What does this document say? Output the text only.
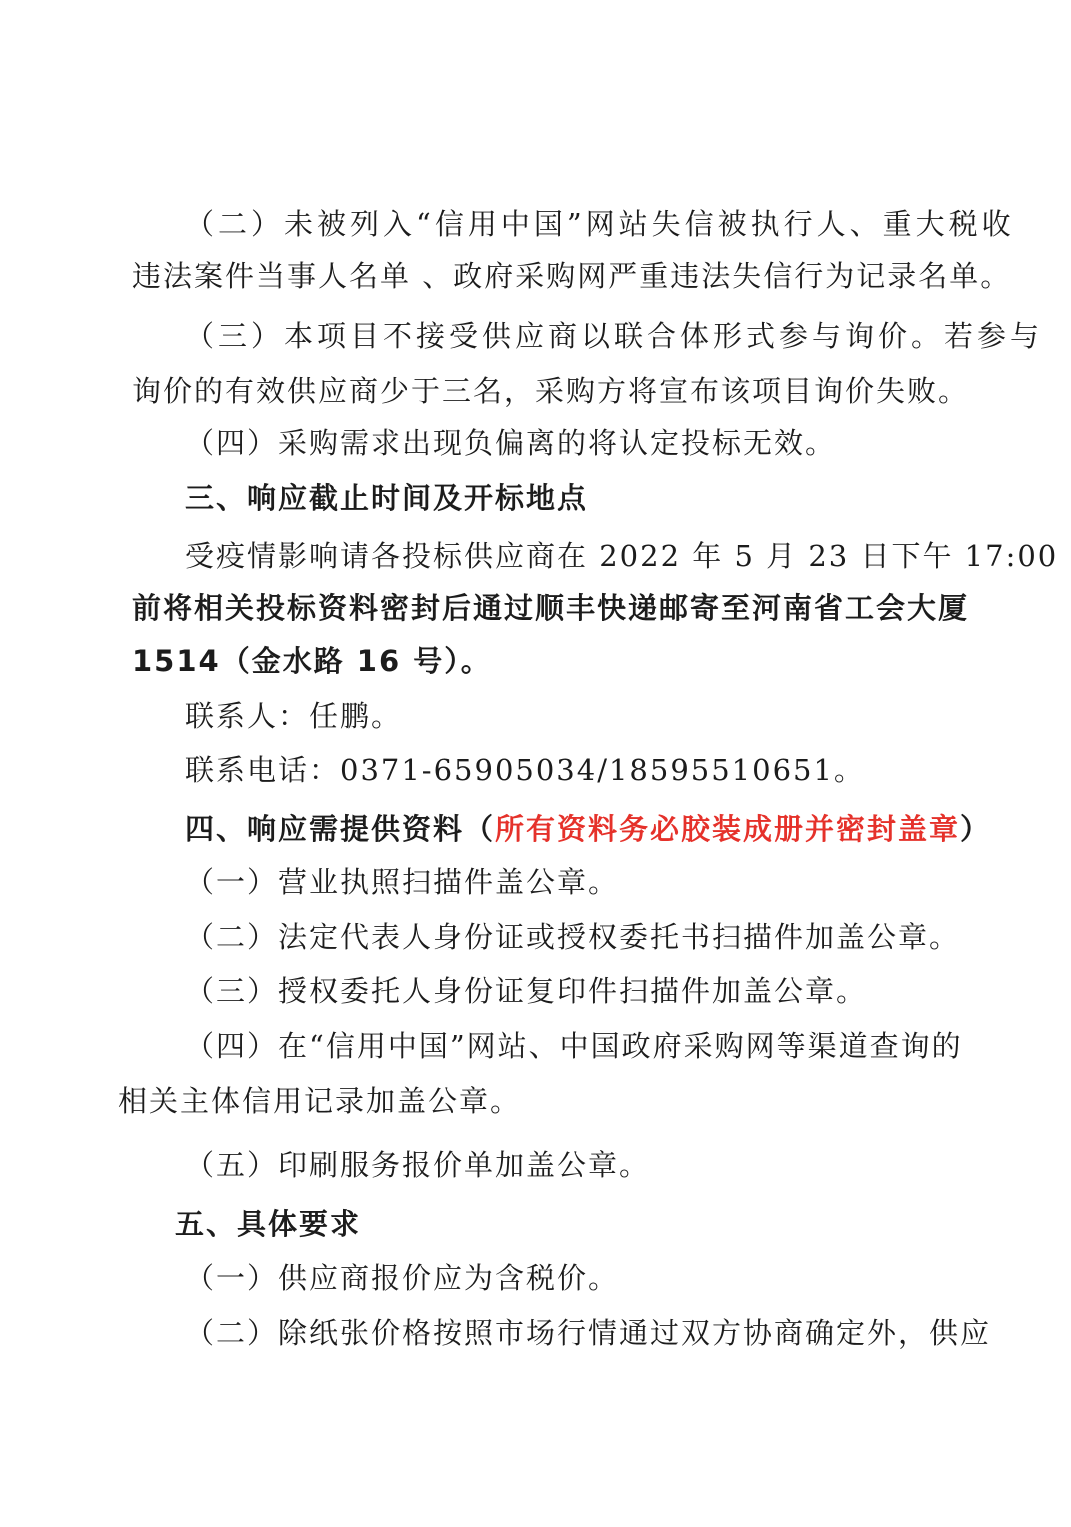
（二）未被列入“信用中国”网站失信被执行人、重大税收
违法案件当事人名单 、政府采购网严重违法失信行为记录名单。
（三）本项目不接受供应商以联合体形式参与询价。若参与
询价的有效供应商少于三名，采购方将宣布该项目询价失败。
（四）采购需求出现负偏离的将认定投标无效。
三、响应截止时间及开标地点
受疫情影响请各投标供应商在 2022 年 5 月 23 日下午 17:00
前将相关投标资料密封后通过顺丰快递邮寄至河南省工会大厦
1514（金水路 16 号）。
联系人：任鹏。
联系电话：0371-65905034/18595510651。
四、响应需提供资料（所有资料务必胶装成册并密封盖章）
（一）营业执照扫描件盖公章。
（二）法定代表人身份证或授权委托书扫描件加盖公章。
（三）授权委托人身份证复印件扫描件加盖公章。
（四）在“信用中国”网站、中国政府采购网等渠道查询的
相关主体信用记录加盖公章。
（五）印刷服务报价单加盖公章。
五、具体要求
（一）供应商报价应为含税价。
（二）除纸张价格按照市场行情通过双方协商确定外，供应
